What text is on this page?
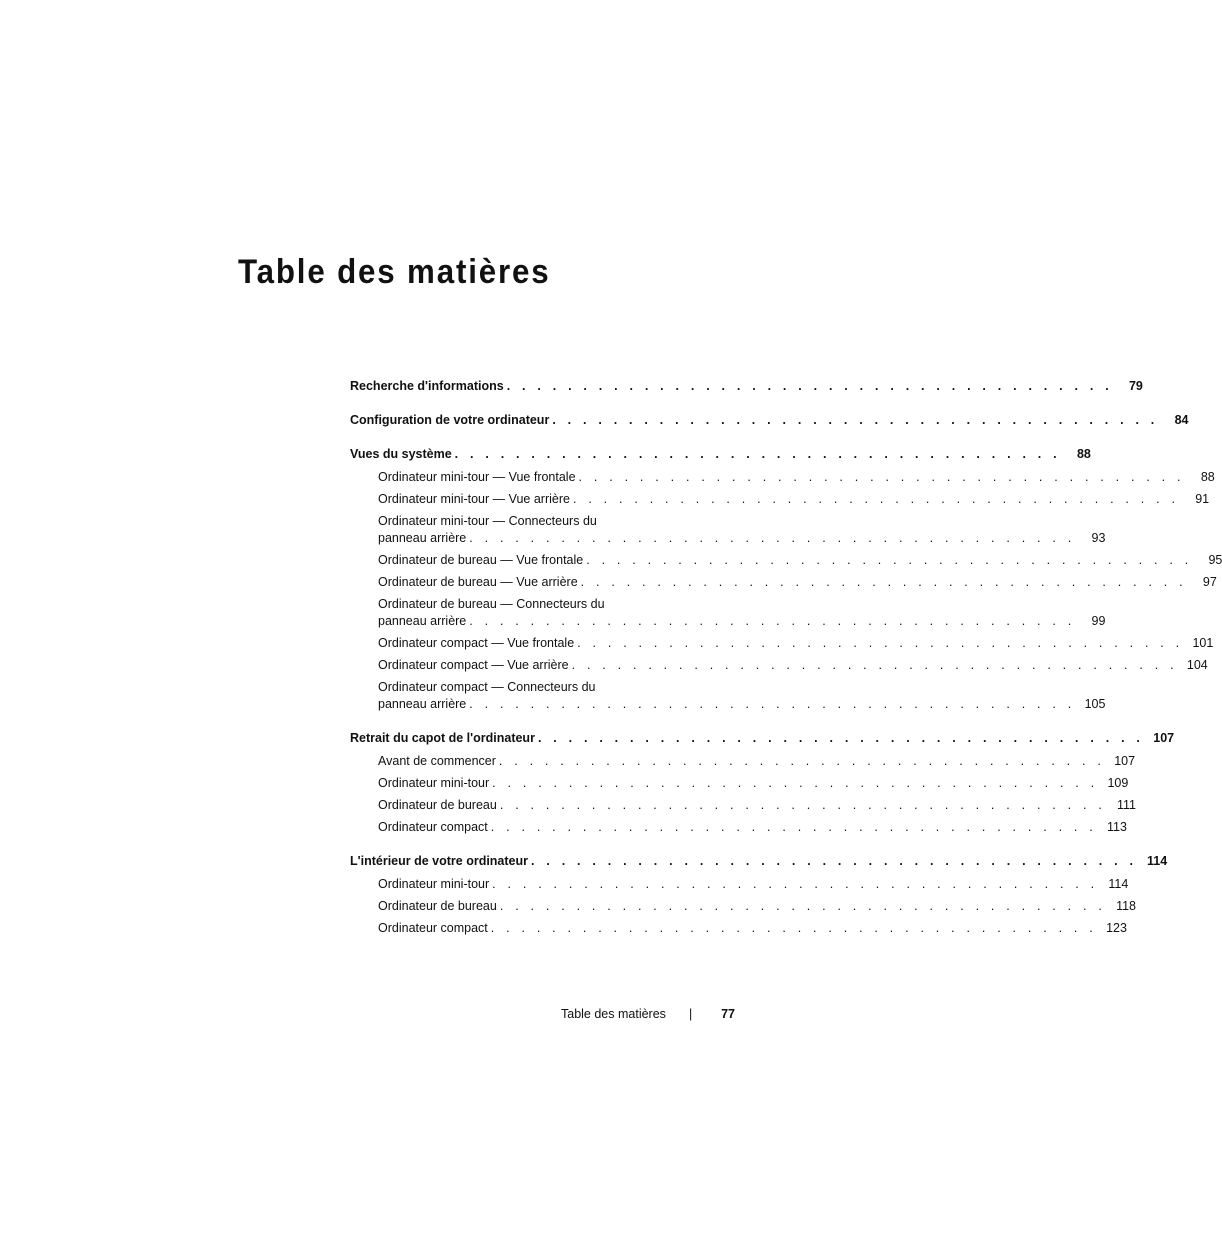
Table des matières
Recherche d'informations . . . . . . . . . . . . . . . . . . . . . . . . . . . . . . . . . . . . . . . .	79
Configuration de votre ordinateur . . . . . . . . . . . . . . . . . . . . . . . . . . . . . . . . . . . . . . . .	84
Vues du système . . . . . . . . . . . . . . . . . . . . . . . . . . . . . . . . . . . . . . . .	88
Ordinateur mini-tour — Vue frontale . . . . . . . . . . . . . . . . . . . . . . . . . . . . . . . . . . . . . . . .	88
Ordinateur mini-tour — Vue arrière . . . . . . . . . . . . . . . . . . . . . . . . . . . . . . . . . . . . . . . .	91
Ordinateur mini-tour — Connecteurs du
panneau arrière . . . . . . . . . . . . . . . . . . . . . . . . . . . . . . . . . . . . . . . .	93
Ordinateur de bureau — Vue frontale . . . . . . . . . . . . . . . . . . . . . . . . . . . . . . . . . . . . . . . .	95
Ordinateur de bureau — Vue arrière . . . . . . . . . . . . . . . . . . . . . . . . . . . . . . . . . . . . . . . .	97
Ordinateur de bureau — Connecteurs du
panneau arrière . . . . . . . . . . . . . . . . . . . . . . . . . . . . . . . . . . . . . . . .	99
Ordinateur compact — Vue frontale . . . . . . . . . . . . . . . . . . . . . . . . . . . . . . . . . . . . . . . . 101
Ordinateur compact — Vue arrière . . . . . . . . . . . . . . . . . . . . . . . . . . . . . . . . . . . . . . . . 104
Ordinateur compact — Connecteurs du
panneau arrière . . . . . . . . . . . . . . . . . . . . . . . . . . . . . . . . . . . . . . . . 105
Retrait du capot de l'ordinateur . . . . . . . . . . . . . . . . . . . . . . . . . . . . . . . . . . . . . . . . 107
Avant de commencer . . . . . . . . . . . . . . . . . . . . . . . . . . . . . . . . . . . . . . . . 107
Ordinateur mini-tour . . . . . . . . . . . . . . . . . . . . . . . . . . . . . . . . . . . . . . . . 109
Ordinateur de bureau . . . . . . . . . . . . . . . . . . . . . . . . . . . . . . . . . . . . . . . . 111
Ordinateur compact . . . . . . . . . . . . . . . . . . . . . . . . . . . . . . . . . . . . . . . . 113
L'intérieur de votre ordinateur . . . . . . . . . . . . . . . . . . . . . . . . . . . . . . . . . . . . . . . . 114
Ordinateur mini-tour . . . . . . . . . . . . . . . . . . . . . . . . . . . . . . . . . . . . . . . . 114
Ordinateur de bureau . . . . . . . . . . . . . . . . . . . . . . . . . . . . . . . . . . . . . . . . 118
Ordinateur compact . . . . . . . . . . . . . . . . . . . . . . . . . . . . . . . . . . . . . . . . 123
Table des matières	|	77
